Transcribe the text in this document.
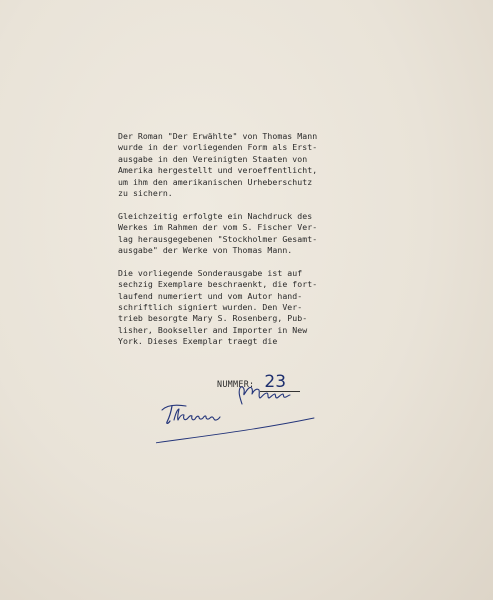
Der Roman "Der Erwählte" von Thomas Mann
wurde in der vorliegenden Form als Erst-
ausgabe in den Vereinigten Staaten von
Amerika hergestellt und veroeffentlicht,
um ihm den amerikanischen Urheberschutz
zu sichern.

Gleichzeitig erfolgte ein Nachdruck des
Werkes im Rahmen der vom S. Fischer Ver-
lag herausgegebenen "Stockholmer Gesamt-
ausgabe" der Werke von Thomas Mann.

Die vorliegende Sonderausgabe ist auf
sechzig Exemplare beschraenkt, die fort-
laufend numeriert und vom Autor hand-
schriftlich signiert wurden. Den Ver-
trieb besorgte Mary S. Rosenberg, Pub-
lisher, Bookseller and Importer in New
York. Dieses Exemplar traegt die

NUMMER: 23
